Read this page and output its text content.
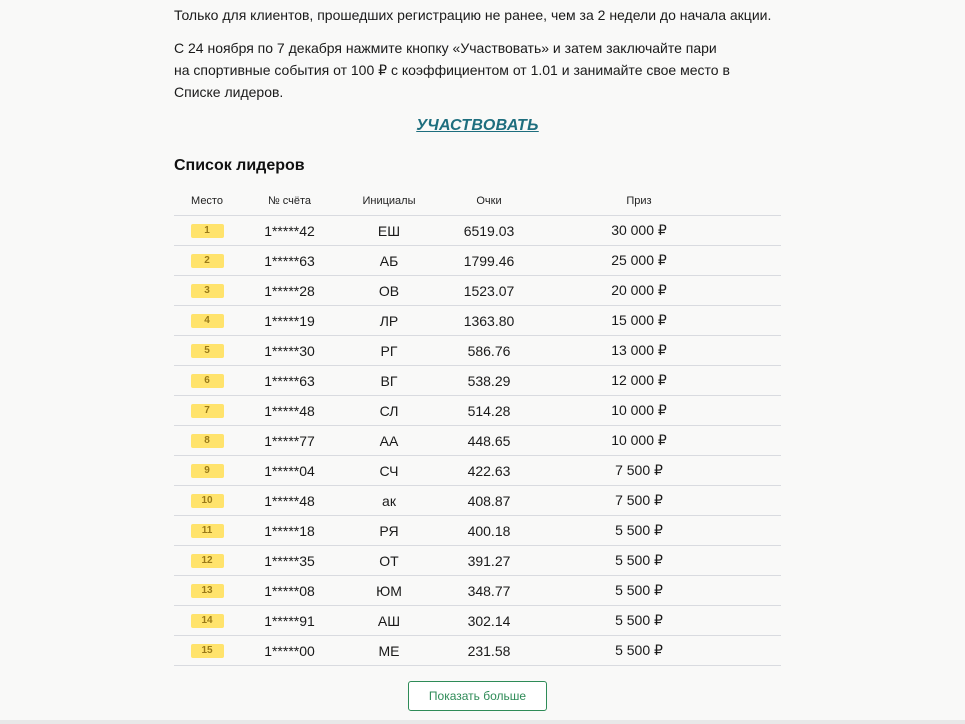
Только для клиентов, прошедших регистрацию не ранее, чем за 2 недели до начала акции.

С 24 ноября по 7 декабря нажмите кнопку «Участвовать» и затем заключайте пари на спортивные события от 100 ₽ с коэффициентом от 1.01 и занимайте свое место в Списке лидеров.

УЧАСТВОВАТЬ
Список лидеров
Место	№ счёта	Инициалы	Очки	Приз
1	1*****42	ЕШ	6519.03	30 000 ₽
2	1*****63	АБ	1799.46	25 000 ₽
3	1*****28	ОВ	1523.07	20 000 ₽
4	1*****19	ЛР	1363.80	15 000 ₽
5	1*****30	РГ	586.76	13 000 ₽
6	1*****63	ВГ	538.29	12 000 ₽
7	1*****48	СЛ	514.28	10 000 ₽
8	1*****77	АА	448.65	10 000 ₽
9	1*****04	СЧ	422.63	7 500 ₽
10	1*****48	ак	408.87	7 500 ₽
11	1*****18	РЯ	400.18	5 500 ₽
12	1*****35	ОТ	391.27	5 500 ₽
13	1*****08	ЮМ	348.77	5 500 ₽
14	1*****91	АШ	302.14	5 500 ₽
15	1*****00	МЕ	231.58	5 500 ₽
Показать больше
